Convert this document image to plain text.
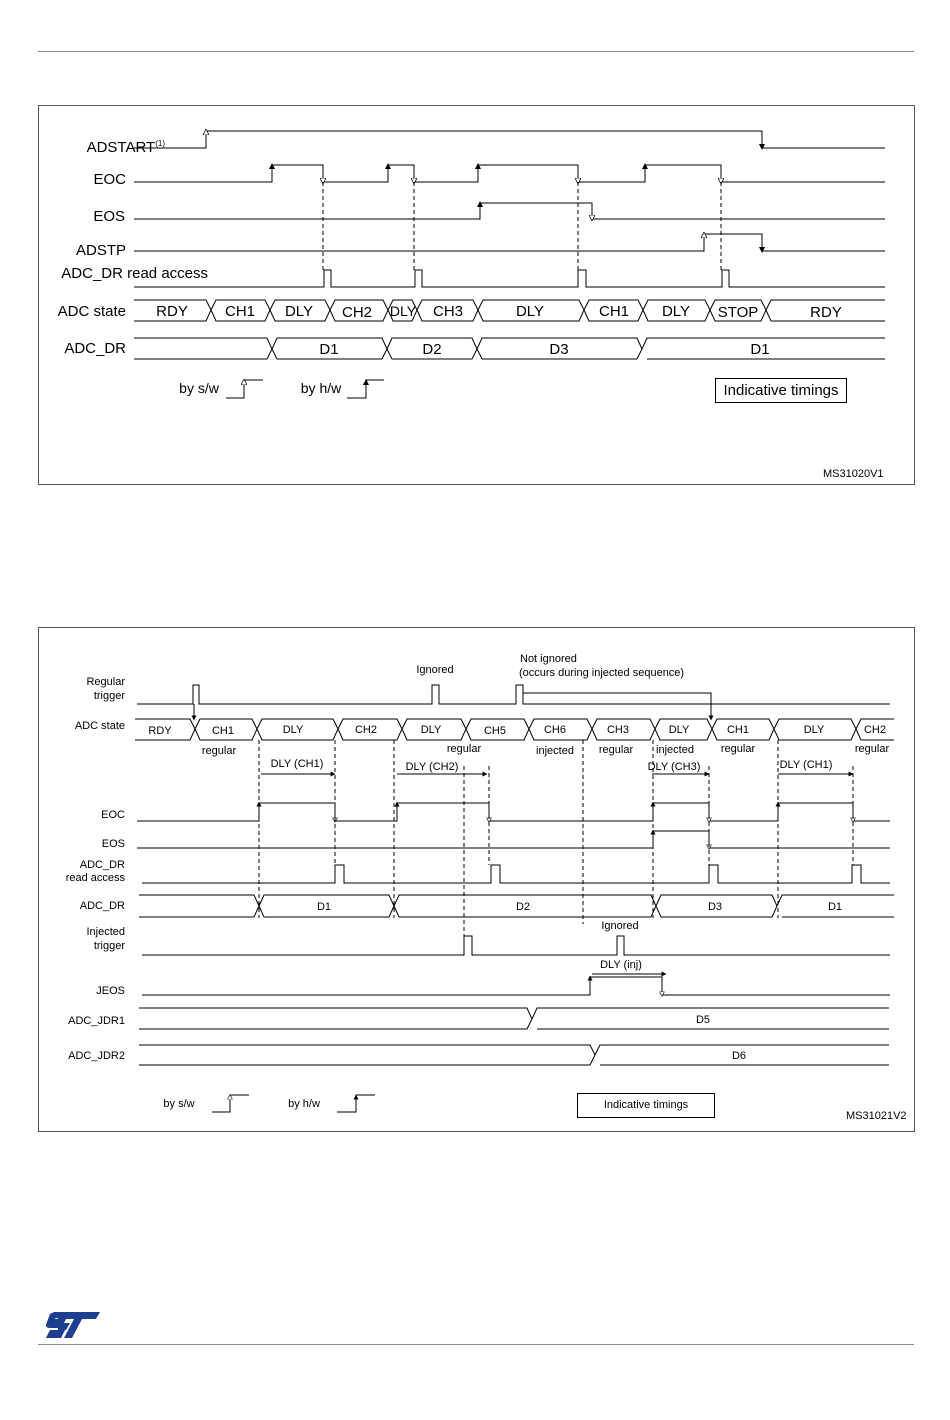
ADSTART$^{(1)}$
EOC
EOS
ADSTP
ADC_DR read access
ADC state
ADC_DR
RDY CH1 DLY CH2 DLY CH3	DLY	CH1 DLY STOP	RDY
D1	D2	D3	D1
by s/w	by h/w	Indicative timings
MS31020V1
Regular
trigger
ADC state
EOC
EOS
ADC_DR
read access
ADC_DR
Injected
trigger
JEOS
ADC_JDR1
ADC_JDR2
RDY	CH1	DLY	CH2	DLY	CH5	CH6	CH3	DLY	CH1	DLY	CH2
regular	regular	injected regular injected regular	regular
Ignored
Not ignored
(occurs during injected sequence)
DLY (CH1)	DLY (CH2)	DLY (CH3)	DLY (CH1)
Ignored
DLY (inj)
D1	D2	D3	D1
D5
D6
by s/w	by h/w	Indicative timings
MS31021V2
